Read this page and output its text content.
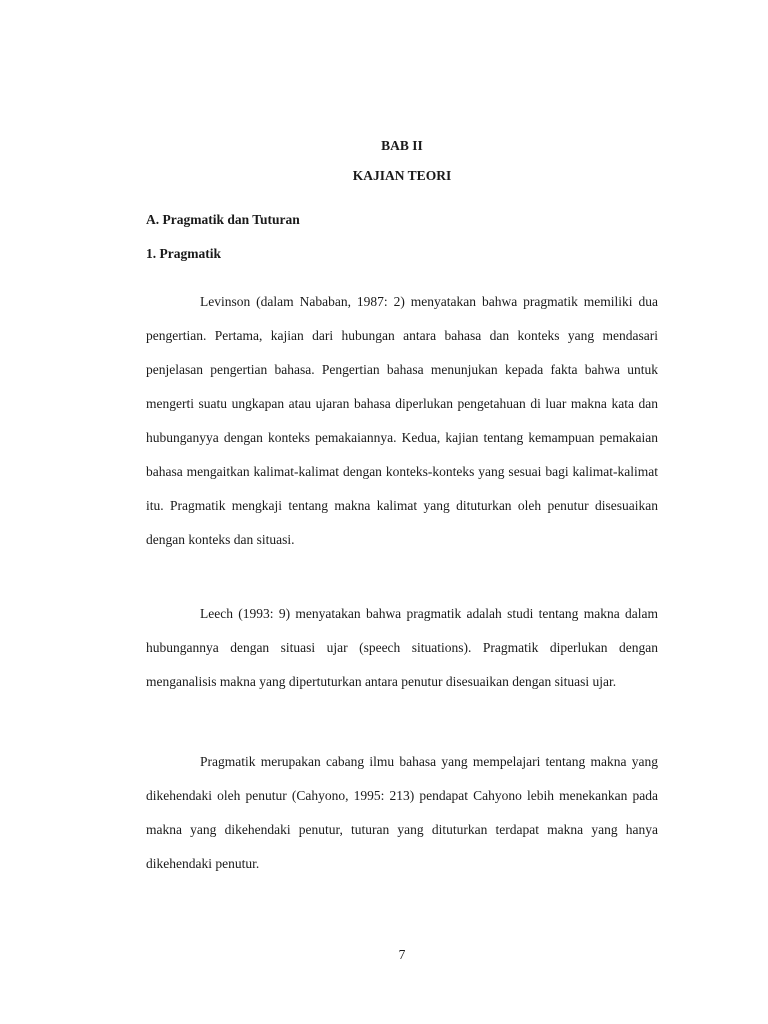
BAB II
KAJIAN TEORI
A. Pragmatik dan Tuturan
1. Pragmatik

Levinson (dalam Nababan, 1987: 2) menyatakan bahwa pragmatik memiliki dua pengertian. Pertama, kajian dari hubungan antara bahasa dan konteks yang mendasari penjelasan pengertian bahasa. Pengertian bahasa menunjukan kepada fakta bahwa untuk mengerti suatu ungkapan atau ujaran bahasa diperlukan pengetahuan di luar makna kata dan hubunganyya dengan konteks pemakaiannya. Kedua, kajian tentang kemampuan pemakaian bahasa mengaitkan kalimat-kalimat dengan konteks-konteks yang sesuai bagi kalimat-kalimat itu. Pragmatik mengkaji tentang makna kalimat yang dituturkan oleh penutur disesuaikan dengan konteks dan situasi.

Leech (1993: 9) menyatakan bahwa pragmatik adalah studi tentang makna dalam hubungannya dengan situasi ujar (speech situations). Pragmatik diperlukan dengan menganalisis makna yang dipertuturkan antara penutur disesuaikan dengan situasi ujar.

Pragmatik merupakan cabang ilmu bahasa yang mempelajari tentang makna yang dikehendaki oleh penutur (Cahyono, 1995: 213) pendapat Cahyono lebih menekankan pada makna yang dikehendaki penutur, tuturan yang dituturkan terdapat makna yang hanya dikehendaki penutur.

7
